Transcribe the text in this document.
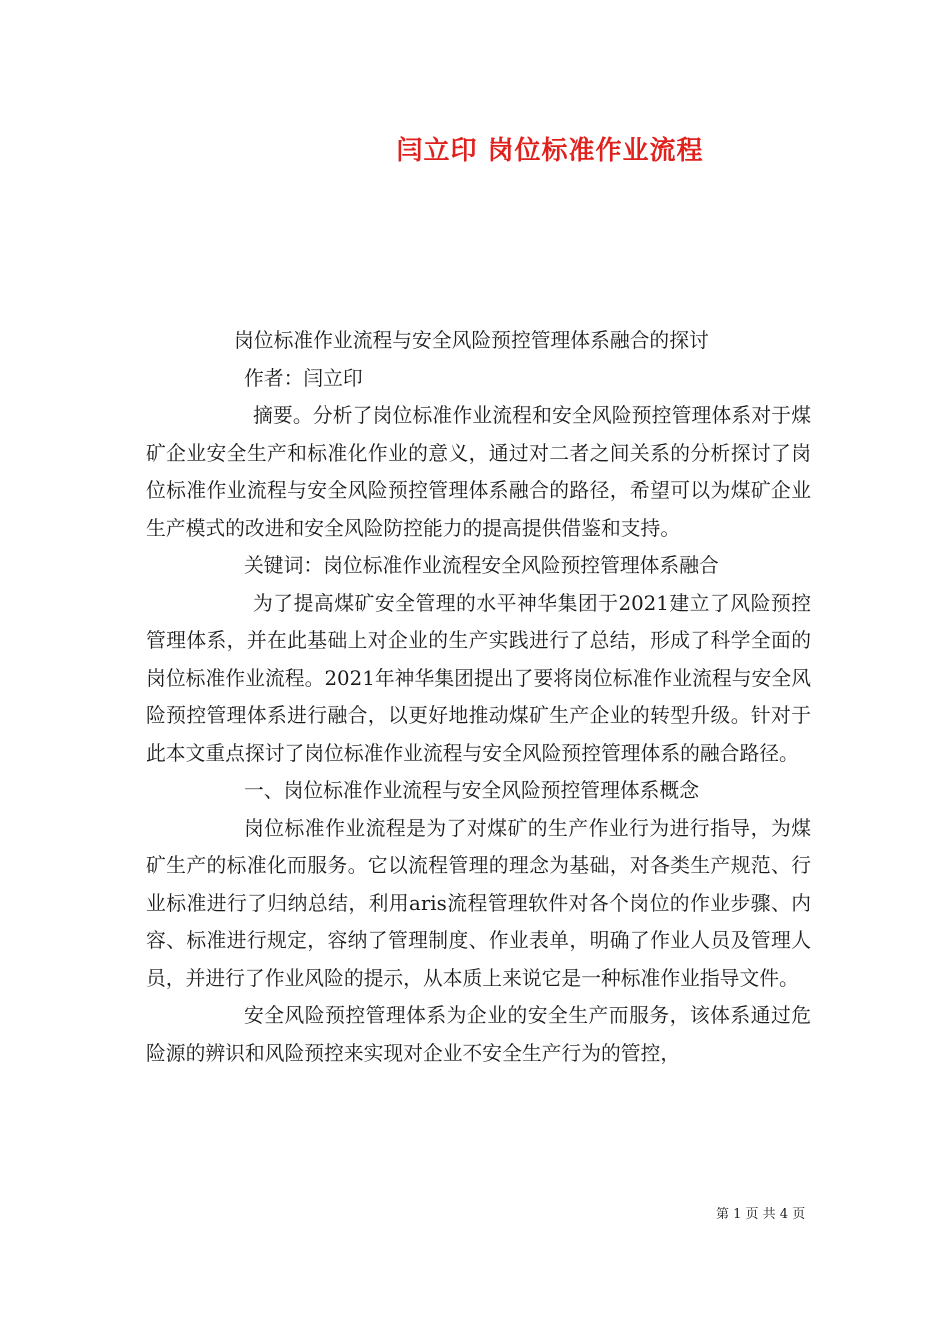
闫立印 岗位标准作业流程

岗位标准作业流程与安全风险预控管理体系融合的探讨

作者：闫立印

摘要。分析了岗位标准作业流程和安全风险预控管理体系对于煤矿企业安全生产和标准化作业的意义，通过对二者之间关系的分析探讨了岗位标准作业流程与安全风险预控管理体系融合的路径，希望可以为煤矿企业生产模式的改进和安全风险防控能力的提高提供借鉴和支持。

关键词：岗位标准作业流程安全风险预控管理体系融合

为了提高煤矿安全管理的水平神华集团于2021建立了风险预控管理体系，并在此基础上对企业的生产实践进行了总结，形成了科学全面的岗位标准作业流程。2021年神华集团提出了要将岗位标准作业流程与安全风险预控管理体系进行融合，以更好地推动煤矿生产企业的转型升级。针对于此本文重点探讨了岗位标准作业流程与安全风险预控管理体系的融合路径。

一、岗位标准作业流程与安全风险预控管理体系概念

岗位标准作业流程是为了对煤矿的生产作业行为进行指导，为煤矿生产的标准化而服务。它以流程管理的理念为基础，对各类生产规范、行业标准进行了归纳总结，利用aris流程管理软件对各个岗位的作业步骤、内容、标准进行规定，容纳了管理制度、作业表单，明确了作业人员及管理人员，并进行了作业风险的提示，从本质上来说它是一种标准作业指导文件。

安全风险预控管理体系为企业的安全生产而服务，该体系通过危险源的辨识和风险预控来实现对企业不安全生产行为的管控，

第 1 页 共 4 页
